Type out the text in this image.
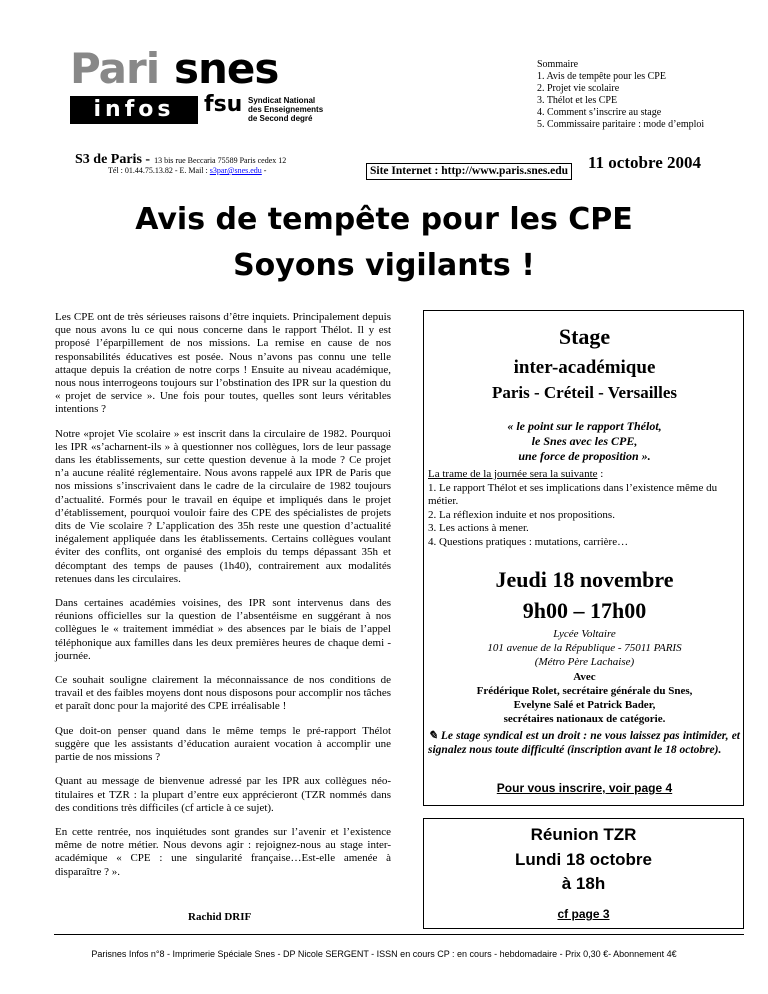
Pari snes
infos	fsu Syndicat National des Enseignements de Second degré
Sommaire
1. Avis de tempête pour les CPE
2. Projet vie scolaire
3. Thélot et les CPE
4. Comment s’inscrire au stage
5. Commissaire paritaire : mode d’emploi
S3 de Paris - 13 bis rue Beccaria 75589 Paris cedex 12
Tél : 01.44.75.13.82 - E. Mail : s3par@snes.edu -	Site Internet : http://www.paris.snes.edu 11 octobre 2004
Avis de tempête pour les CPE
Soyons vigilants !

Les CPE ont de très sérieuses raisons d’être inquiets. Principalement depuis que nous avons lu ce qui nous concerne dans le rapport Thélot. Il y est proposé l’éparpillement de nos missions. La remise en cause de nos responsabilités éducatives est posée. Nous n’avons pas connu une telle attaque depuis la création de notre corps ! Ensuite au niveau académique, nous nous interrogeons toujours sur l’obstination des IPR sur la question du « projet de service ». Une fois pour toutes, quelles sont leurs véritables intentions ?

Notre «projet Vie scolaire » est inscrit dans la circulaire de 1982. Pourquoi les IPR «s’acharnent-ils » à questionner nos collègues, lors de leur passage dans les établissements, sur cette question devenue à la mode ? Ce projet n’a aucune réalité réglementaire. Nous avons rappelé aux IPR de Paris que nos missions s’inscrivaient dans le cadre de la circulaire de 1982 toujours d’actualité. Formés pour le travail en équipe et impliqués dans le projet d’établissement, pourquoi vouloir faire des CPE des spécialistes de projets dits de Vie scolaire ? L’application des 35h reste une question d’actualité inégalement appliquée dans les établissements. Certains collègues voulant éviter des conflits, ont organisé des emplois du temps dépassant 35h et décomptant des temps de pauses (1h40), contrairement aux modalités retenues dans les circulaires.

Dans certaines académies voisines, des IPR sont intervenus dans des réunions officielles sur la question de l’absentéisme en suggérant à nos collègues le « traitement immédiat » des absences par le biais de l’appel téléphonique aux familles dans les deux premières heures de chaque demi -journée.

Ce souhait souligne clairement la méconnaissance de nos conditions de travail et des faibles moyens dont nous disposons pour accomplir nos tâches et paraît donc pour la majorité des CPE irréalisable !

Que doit-on penser quand dans le même temps le pré-rapport Thélot suggère que les assistants d’éducation auraient vocation à accomplir une partie de nos missions ?

Quant au message de bienvenue adressé par les IPR aux collègues néo-titulaires et TZR : la plupart d’entre eux apprécieront (TZR nommés dans des conditions très difficiles (cf article à ce sujet).

En cette rentrée, nos inquiétudes sont grandes sur l’avenir et l’existence même de notre métier. Nous devons agir : rejoignez-nous au stage inter-académique « CPE : une singularité française…Est-elle amenée à disparaître ? ».

Rachid DRIF
Stage
inter-académique
Paris - Créteil - Versailles
« le point sur le rapport Thélot,
le Snes avec les CPE,
une force de proposition ».
La trame de la journée sera la suivante :
1. Le rapport Thélot et ses implications dans l’existence même du métier.
2. La réflexion induite et nos propositions.
3. Les actions à mener.
4. Questions pratiques : mutations, carrière…
Jeudi 18 novembre
9h00 – 17h00
Lycée Voltaire
101 avenue de la République - 75011 PARIS
(Métro Père Lachaise)
Avec
Frédérique Rolet, secrétaire générale du Snes,
Evelyne Salé et Patrick Bader,
secrétaires nationaux de catégorie.
✎ Le stage syndical est un droit : ne vous laissez pas intimider, et signalez nous toute difficulté (inscription avant le 18 octobre).
Pour vous inscrire, voir page 4
Réunion TZR
Lundi 18 octobre
à 18h
cf page 3
Parisnes Infos n°8 - Imprimerie Spéciale Snes - DP Nicole SERGENT - ISSN en cours CP : en cours - hebdomadaire - Prix 0,30 €- Abonnement 4€
